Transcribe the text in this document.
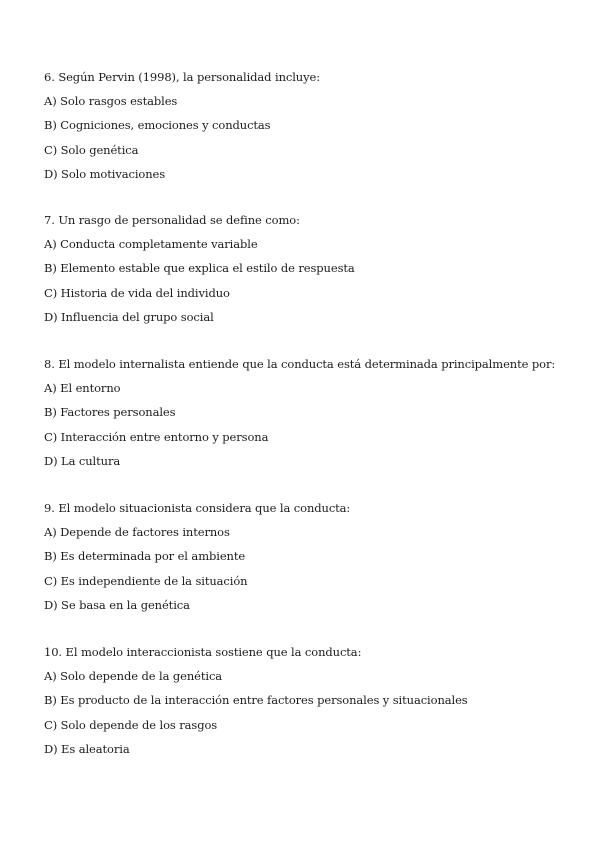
6. Según Pervin (1998), la personalidad incluye:
A) Solo rasgos estables
B) Cogniciones, emociones y conductas
C) Solo genética
D) Solo motivaciones
7. Un rasgo de personalidad se define como:
A) Conducta completamente variable
B) Elemento estable que explica el estilo de respuesta
C) Historia de vida del individuo
D) Influencia del grupo social
8. El modelo internalista entiende que la conducta está determinada principalmente por:
A) El entorno
B) Factores personales
C) Interacción entre entorno y persona
D) La cultura
9. El modelo situacionista considera que la conducta:
A) Depende de factores internos
B) Es determinada por el ambiente
C) Es independiente de la situación
D) Se basa en la genética
10. El modelo interaccionista sostiene que la conducta:
A) Solo depende de la genética
B) Es producto de la interacción entre factores personales y situacionales
C) Solo depende de los rasgos
D) Es aleatoria
